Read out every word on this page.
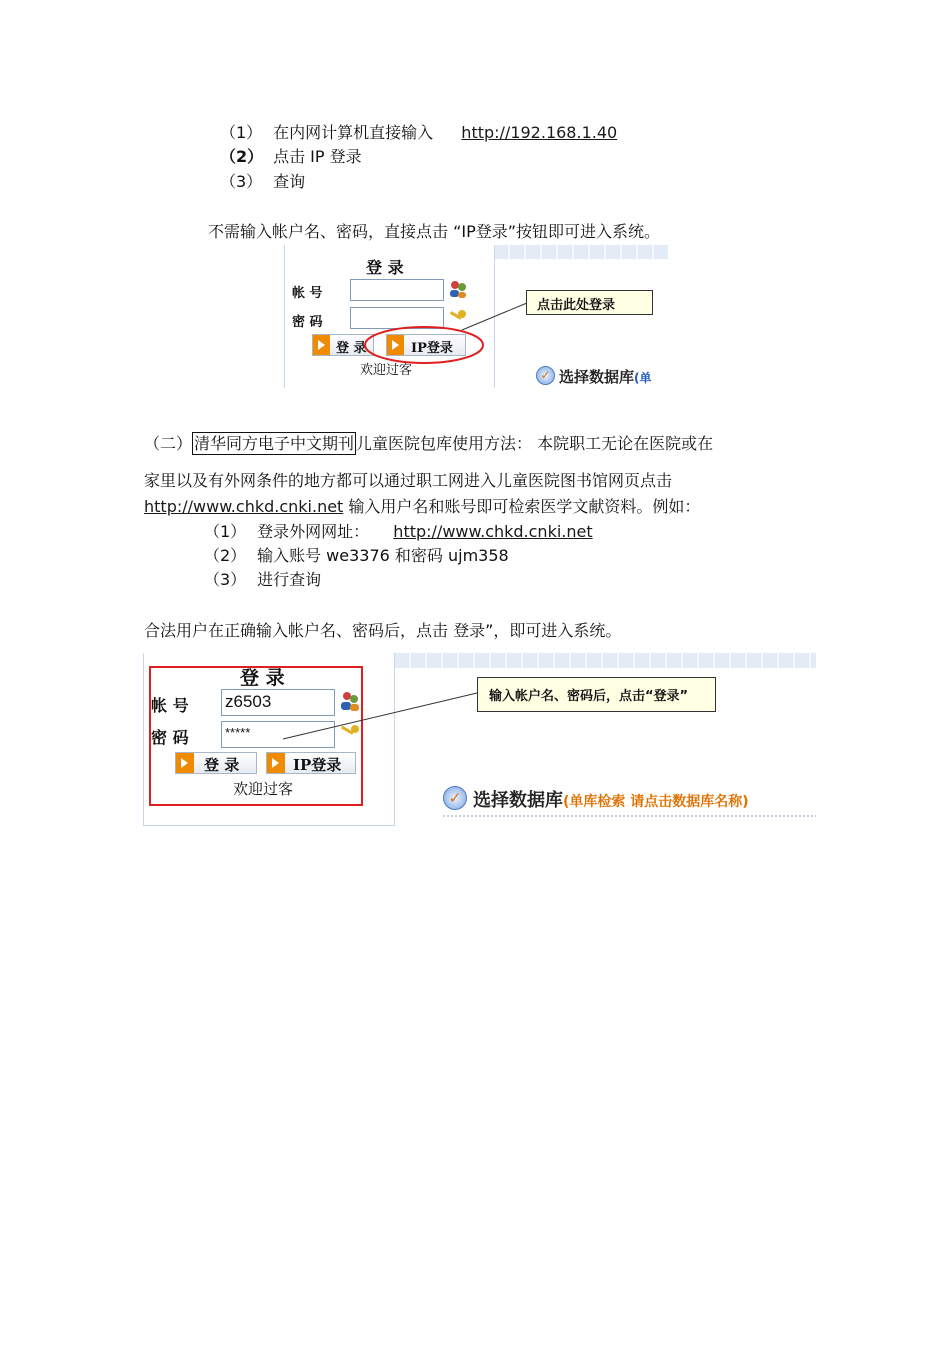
（1） 在内网计算机直接输入 http://192.168.1.40
（2） 点击 IP 登录
（3） 查询
不需输入帐户名、密码，直接点击 “IP登录”按钮即可进入系统。
登 录
帐 号
密 码
登 录	IP登录
欢迎过客
点击此处登录
✓ 选择数据库(单
（二） 清华同方电子中文期刊 儿童医院包库使用方法： 本院职工无论在医院或在
家里以及有外网条件的地方都可以通过职工网进入儿童医院图书馆网页点击
http://www.chkd.cnki.net 输入用户名和账号即可检索医学文献资料。例如：
（1） 登录外网网址： http://www.chkd.cnki.net
（2） 输入账号 we3376 和密码 ujm358
（3） 进行查询
合法用户在正确输入帐户名、密码后，点击 登录”，即可进入系统。
登 录
帐 号 z6503
密 码	*****
登 录	IP登录
欢迎过客
输入帐户名、密码后，点击“登录”
✓ 选择数据库(单库检索 请点击数据库名称)
